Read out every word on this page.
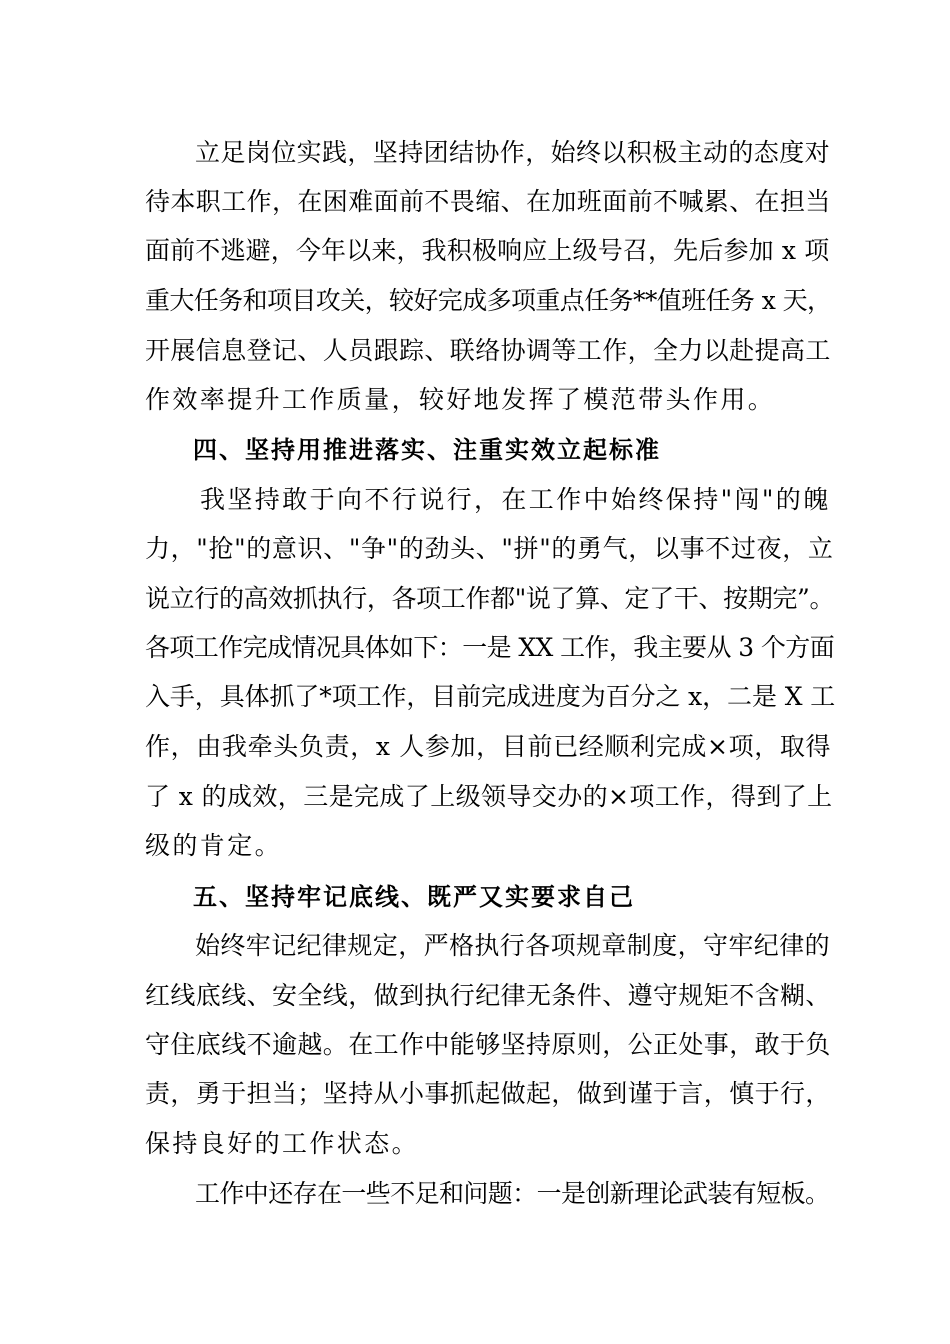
立足岗位实践，坚持团结协作，始终以积极主动的态度对
待本职工作，在困难面前不畏缩、在加班面前不喊累、在担当
面前不逃避，今年以来，我积极响应上级号召，先后参加 x 项
重大任务和项目攻关，较好完成多项重点任务**值班任务 x 天，
开展信息登记、人员跟踪、联络协调等工作，全力以赴提高工
作效率提升工作质量，较好地发挥了模范带头作用。
四、坚持用推进落实、注重实效立起标准
我坚持敢于向不行说行，在工作中始终保持"闯"的魄
力，"抢"的意识、"争"的劲头、"拼"的勇气，以事不过夜，立
说立行的高效抓执行，各项工作都"说了算、定了干、按期完”。
各项工作完成情况具体如下：一是 XX 工作，我主要从 3 个方面
入手，具体抓了*项工作，目前完成进度为百分之 x，二是 X 工
作，由我牵头负责，x 人参加，目前已经顺利完成×项，取得
了 x 的成效，三是完成了上级领导交办的×项工作，得到了上
级的肯定。
五、坚持牢记底线、既严又实要求自己
始终牢记纪律规定，严格执行各项规章制度，守牢纪律的
红线底线、安全线，做到执行纪律无条件、遵守规矩不含糊、
守住底线不逾越。在工作中能够坚持原则，公正处事，敢于负
责，勇于担当；坚持从小事抓起做起，做到谨于言，慎于行，
保持良好的工作状态。
工作中还存在一些不足和问题：一是创新理论武装有短板。
